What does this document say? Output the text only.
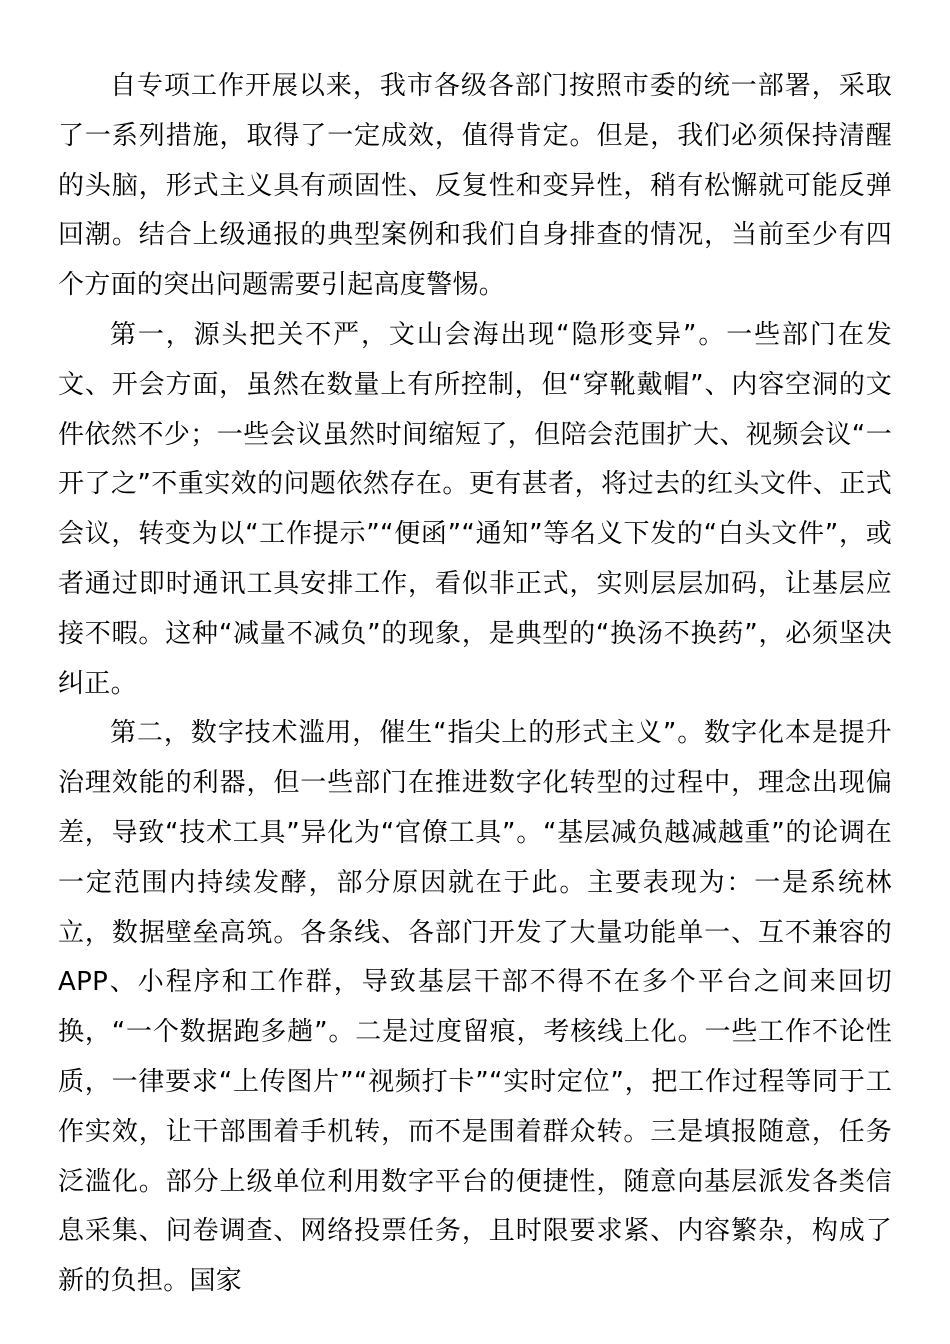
自专项工作开展以来，我市各级各部门按照市委的统一部署，采取了一系列措施，取得了一定成效，值得肯定。但是，我们必须保持清醒的头脑，形式主义具有顽固性、反复性和变异性，稍有松懈就可能反弹回潮。结合上级通报的典型案例和我们自身排查的情况，当前至少有四个方面的突出问题需要引起高度警惕。

第一，源头把关不严，文山会海出现“隐形变异”。一些部门在发文、开会方面，虽然在数量上有所控制，但“穿靴戴帽”、内容空洞的文件依然不少；一些会议虽然时间缩短了，但陪会范围扩大、视频会议“一开了之”不重实效的问题依然存在。更有甚者，将过去的红头文件、正式会议，转变为以“工作提示”“便函”“通知”等名义下发的“白头文件”，或者通过即时通讯工具安排工作，看似非正式，实则层层加码，让基层应接不暇。这种“减量不减负”的现象，是典型的“换汤不换药”，必须坚决纠正。

第二，数字技术滥用，催生“指尖上的形式主义”。数字化本是提升治理效能的利器，但一些部门在推进数字化转型的过程中，理念出现偏差，导致“技术工具”异化为“官僚工具”。“基层减负越减越重”的论调在一定范围内持续发酵，部分原因就在于此。主要表现为：一是系统林立，数据壁垒高筑。各条线、各部门开发了大量功能单一、互不兼容的APP、小程序和工作群，导致基层干部不得不在多个平台之间来回切换，“一个数据跑多趟”。二是过度留痕，考核线上化。一些工作不论性质，一律要求“上传图片”“视频打卡”“实时定位”，把工作过程等同于工作实效，让干部围着手机转，而不是围着群众转。三是填报随意，任务泛滥化。部分上级单位利用数字平台的便捷性，随意向基层派发各类信息采集、问卷调查、网络投票任务，且时限要求紧、内容繁杂，构成了新的负担。国家
